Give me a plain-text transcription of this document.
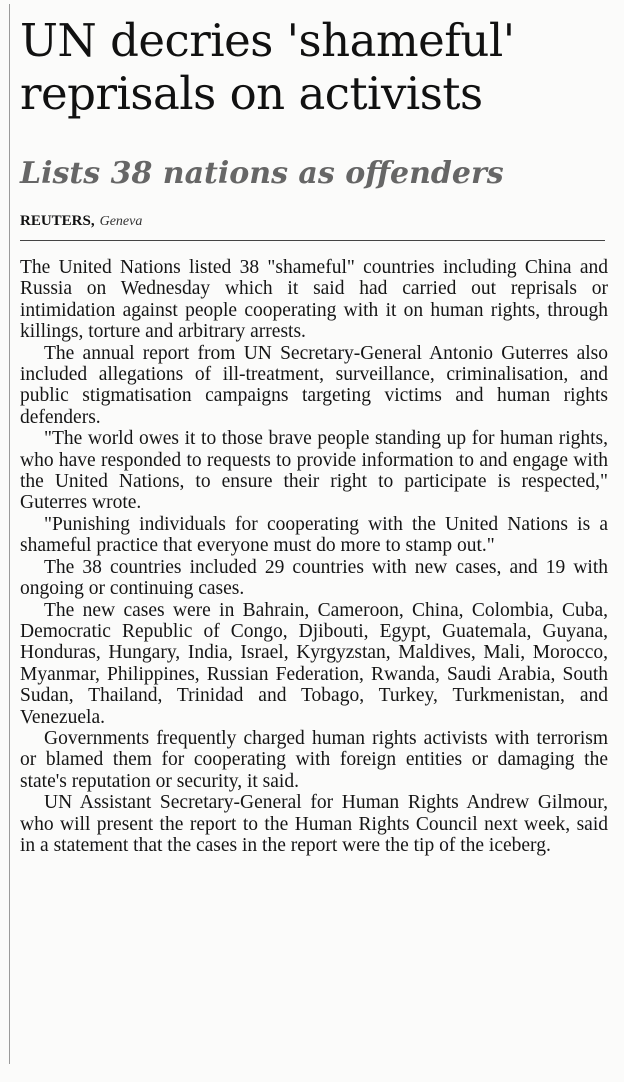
UN decries 'shameful' reprisals on activists
Lists 38 nations as offenders
REUTERS, Geneva

The United Nations listed 38 "shameful" countries including China and Russia on Wednesday which it said had carried out reprisals or intimidation against people cooperating with it on human rights, through killings, torture and arbitrary arrests.

The annual report from UN Secretary-General Antonio Guterres also included allegations of ill-treatment, surveillance, criminalisation, and public stigmatisation campaigns targeting victims and human rights defenders.

"The world owes it to those brave people standing up for human rights, who have responded to requests to provide information to and engage with the United Nations, to ensure their right to participate is respected," Guterres wrote.

"Punishing individuals for cooperating with the United Nations is a shameful practice that everyone must do more to stamp out."

The 38 countries included 29 countries with new cases, and 19 with ongoing or continuing cases.

The new cases were in Bahrain, Cameroon, China, Colombia, Cuba, Democratic Republic of Congo, Djibouti, Egypt, Guatemala, Guyana, Honduras, Hungary, India, Israel, Kyrgyzstan, Maldives, Mali, Morocco, Myanmar, Philippines, Russian Federation, Rwanda, Saudi Arabia, South Sudan, Thailand, Trinidad and Tobago, Turkey, Turkmenistan, and Venezuela.

Governments frequently charged human rights activists with terrorism or blamed them for cooperating with foreign entities or damaging the state's reputation or security, it said.

UN Assistant Secretary-General for Human Rights Andrew Gilmour, who will present the report to the Human Rights Council next week, said in a statement that the cases in the report were the tip of the iceberg.
